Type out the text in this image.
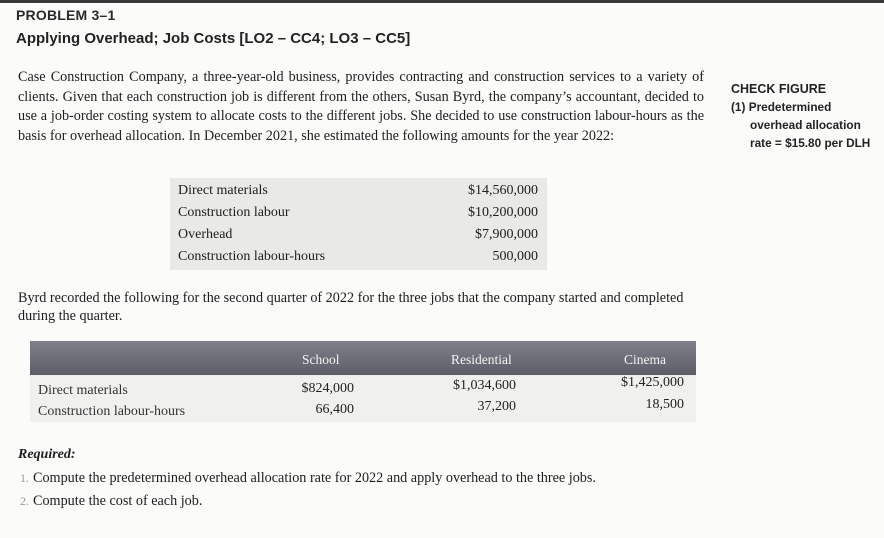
PROBLEM 3–1
Applying Overhead; Job Costs [LO2 – CC4; LO3 – CC5]
Case Construction Company, a three-year-old business, provides contracting and construction services to a variety of clients. Given that each construction job is different from the others, Susan Byrd, the company’s accountant, decided to use a job-order costing system to allocate costs to the different jobs. She decided to use construction labour-hours as the basis for overhead allocation. In December 2021, she estimated the following amounts for the year 2022:
CHECK FIGURE
(1) Predetermined overhead allocation rate = $15.80 per DLH
Direct materials	$14,560,000
Construction labour	$10,200,000
Overhead	$7,900,000
Construction labour-hours	500,000
Byrd recorded the following for the second quarter of 2022 for the three jobs that the company started and completed during the quarter.
School	Residential	Cinema
Direct materials	$824,000	$1,034,600	$1,425,000
Construction labour-hours	66,400	37,200	18,500
Required:
1. Compute the predetermined overhead allocation rate for 2022 and apply overhead to the three jobs.
2. Compute the cost of each job.
